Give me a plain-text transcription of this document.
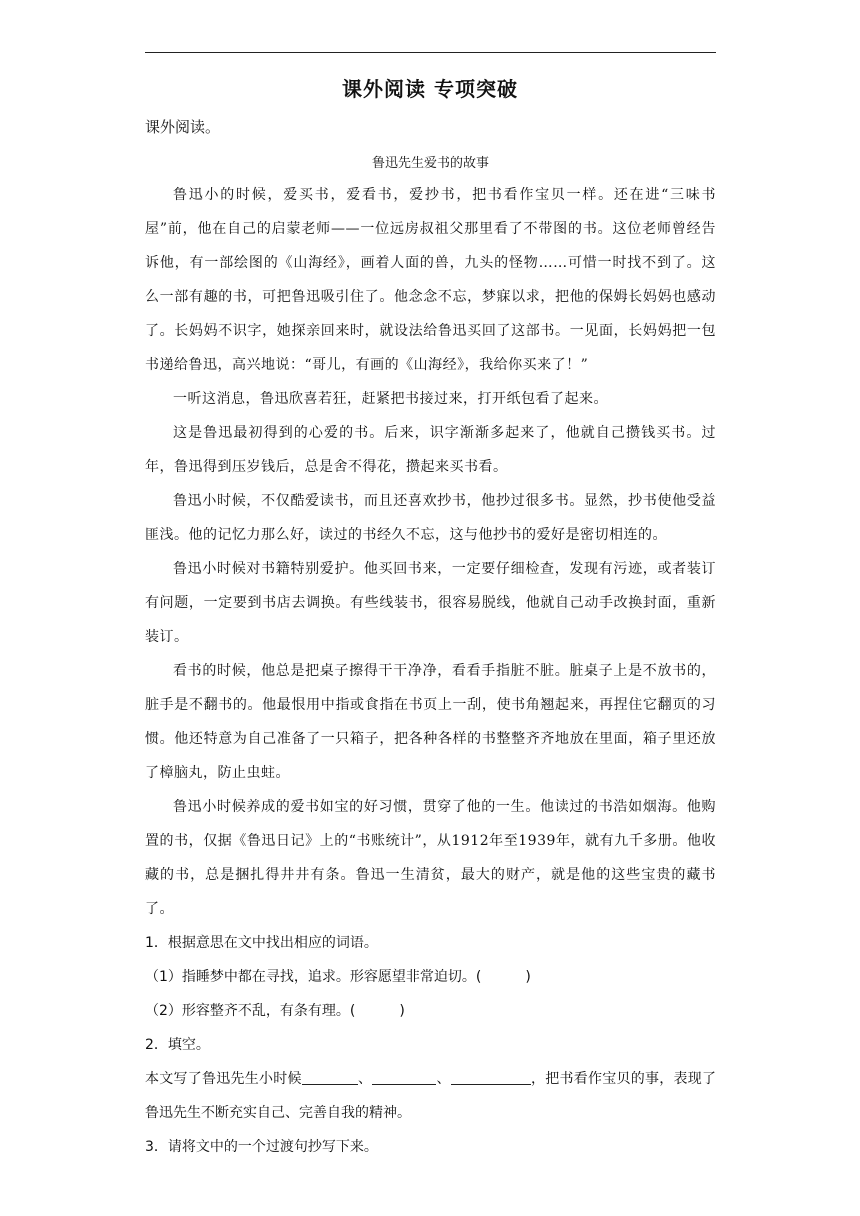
课外阅读 专项突破

课外阅读。

鲁迅先生爱书的故事

鲁迅小的时候，爱买书，爱看书，爱抄书，把书看作宝贝一样。还在进“三味书屋”前，他在自己的启蒙老师——一位远房叔祖父那里看了不带图的书。这位老师曾经告诉他，有一部绘图的《山海经》，画着人面的兽，九头的怪物……可惜一时找不到了。这么一部有趣的书，可把鲁迅吸引住了。他念念不忘，梦寐以求，把他的保姆长妈妈也感动了。长妈妈不识字，她探亲回来时，就设法给鲁迅买回了这部书。一见面，长妈妈把一包书递给鲁迅，高兴地说：“哥儿，有画的《山海经》，我给你买来了！”

一听这消息，鲁迅欣喜若狂，赶紧把书接过来，打开纸包看了起来。

这是鲁迅最初得到的心爱的书。后来，识字渐渐多起来了，他就自己攒钱买书。过年，鲁迅得到压岁钱后，总是舍不得花，攒起来买书看。

鲁迅小时候，不仅酷爱读书，而且还喜欢抄书，他抄过很多书。显然，抄书使他受益匪浅。他的记忆力那么好，读过的书经久不忘，这与他抄书的爱好是密切相连的。

鲁迅小时候对书籍特别爱护。他买回书来，一定要仔细检查，发现有污迹，或者装订有问题，一定要到书店去调换。有些线装书，很容易脱线，他就自己动手改换封面，重新装订。

看书的时候，他总是把桌子擦得干干净净，看看手指脏不脏。脏桌子上是不放书的，脏手是不翻书的。他最恨用中指或食指在书页上一刮，使书角翘起来，再捏住它翻页的习惯。他还特意为自己准备了一只箱子，把各种各样的书整整齐齐地放在里面，箱子里还放了樟脑丸，防止虫蛀。

鲁迅小时候养成的爱书如宝的好习惯，贯穿了他的一生。他读过的书浩如烟海。他购置的书，仅据《鲁迅日记》上的“书账统计”，从1912年至1939年，就有九千多册。他收藏的书，总是捆扎得井井有条。鲁迅一生清贫，最大的财产，就是他的这些宝贵的藏书了。

1．根据意思在文中找出相应的词语。

（1）指睡梦中都在寻找，追求。形容愿望非常迫切。(	)

（2）形容整齐不乱，有条有理。(	)

2．填空。

本文写了鲁迅先生小时候	、	、	，把书看作宝贝的事，表现了鲁迅先生不断充实自己、完善自我的精神。

3．请将文中的一个过渡句抄写下来。
